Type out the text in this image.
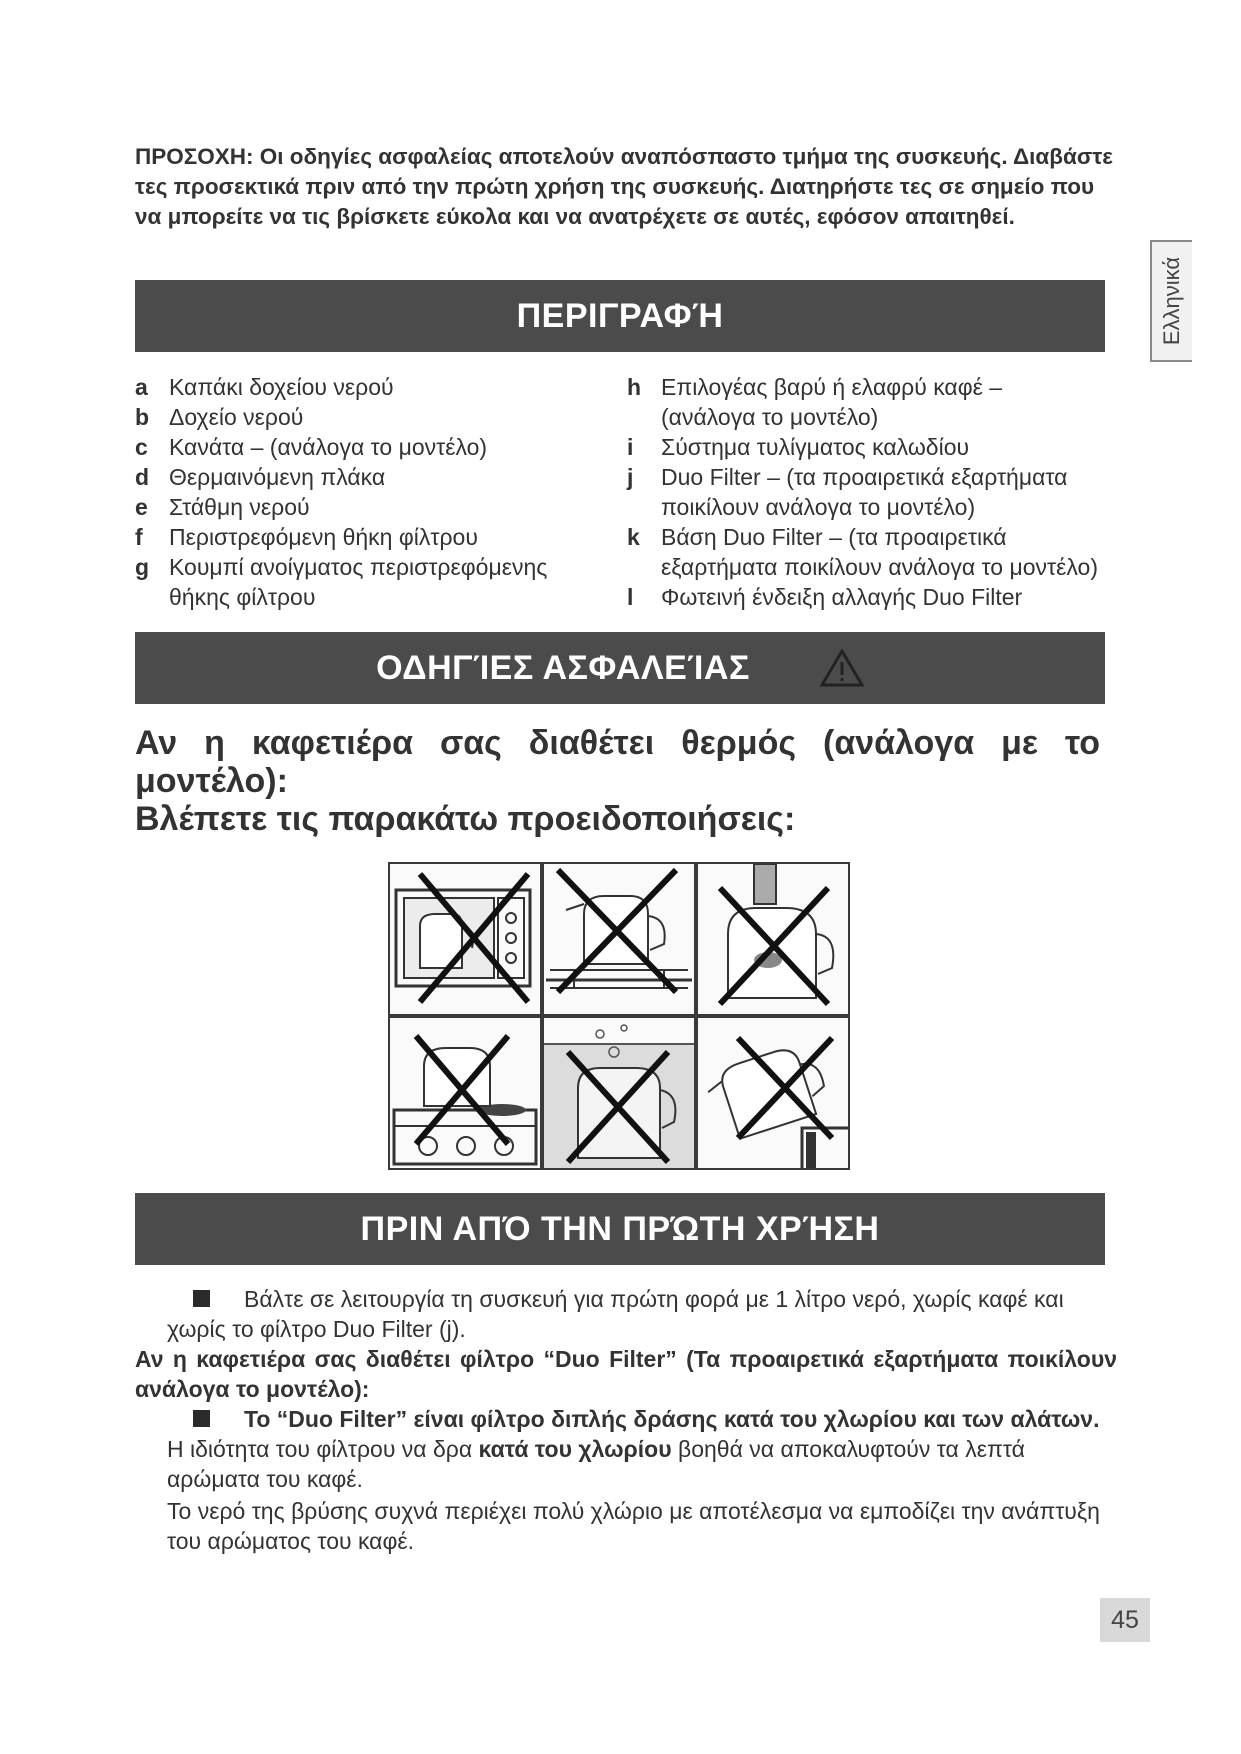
ΠΡΟΣΟΧΗ: Οι οδηγίες ασφαλείας αποτελούν αναπόσπαστο τμήμα της συσκευής. Διαβάστε τες προσεκτικά πριν από την πρώτη χρήση της συσκευής. Διατηρήστε τες σε σημείο που να μπορείτε να τις βρίσκετε εύκολα και να ανατρέχετε σε αυτές, εφόσον απαιτηθεί.
Ελληνικά
ΠΕΡΙΓΡΑΦΉ
a Καπάκι δοχείου νερού
b Δοχείο νερού
c Κανάτα – (ανάλογα το μοντέλο)
d Θερμαινόμενη πλάκα
e Στάθμη νερού
f	Περιστρεφόμενη θήκη φίλτρου
g Κουμπί ανοίγματος περιστρεφόμενης θήκης φίλτρου
h Επιλογέας βαρύ ή ελαφρύ καφέ – (ανάλογα το μοντέλο)
i	Σύστημα τυλίγματος καλωδίου
j	Duo Filter – (τα προαιρετικά εξαρτήματα ποικίλουν ανάλογα το μοντέλο)
k Βάση Duo Filter – (τα προαιρετικά εξαρτήματα ποικίλουν ανάλογα το μοντέλο)
l	Φωτεινή ένδειξη αλλαγής Duo Filter
ΟΔΗΓΊΕΣ ΑΣΦΑΛΕΊΑΣ
Αν η καφετιέρα σας διαθέτει θερμός (ανάλογα με το
μοντέλο):
Βλέπετε τις παρακάτω προειδοποιήσεις:
ΠΡΙΝ ΑΠΌ ΤΗΝ ΠΡΏΤΗ ΧΡΉΣΗ
Βάλτε σε λειτουργία τη συσκευή για πρώτη φορά με 1 λίτρο νερό, χωρίς καφέ και
χωρίς το φίλτρο Duo Filter (j).
Αν η καφετιέρα σας διαθέτει φίλτρο “Duo Filter” (Τα προαιρετικά εξαρτήματα ποικίλουν ανάλογα το μοντέλο):
Το “Duo Filter” είναι φίλτρο διπλής δράσης κατά του χλωρίου και των αλάτων.
Η ιδιότητα του φίλτρου να δρα κατά του χλωρίου βοηθά να αποκαλυφτούν τα λεπτά αρώματα του καφέ.
Το νερό της βρύσης συχνά περιέχει πολύ χλώριο με αποτέλεσμα να εμποδίζει την ανάπτυξη του αρώματος του καφέ.
45
